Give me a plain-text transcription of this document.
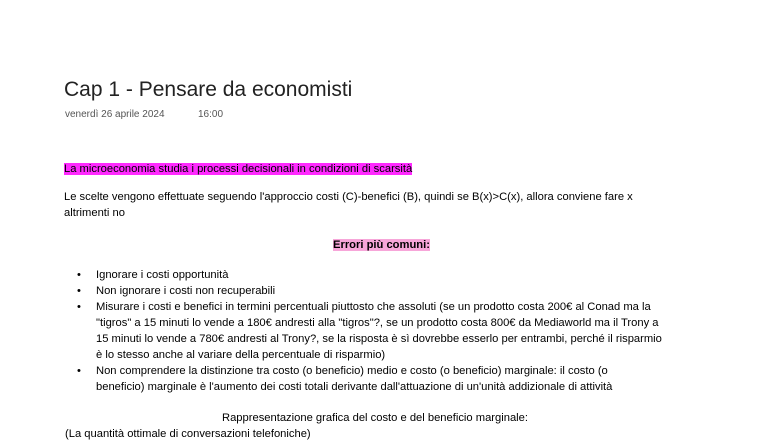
Cap 1 - Pensare da economisti
venerdì 26 aprile 2024	16:00
La microeconomia studia i processi decisionali in condizioni di scarsità
Le scelte vengono effettuate seguendo l'approccio costi (C)-benefici (B), quindi se B(x)>C(x), allora conviene fare x
altrimenti no
Errori più comuni:
• Ignorare i costi opportunità
• Non ignorare i costi non recuperabili
• Misurare i costi e benefici in termini percentuali piuttosto che assoluti (se un prodotto costa 200€ al Conad ma la
"tigros" a 15 minuti lo vende a 180€ andresti alla "tigros"?, se un prodotto costa 800€ da Mediaworld ma il Trony a
15 minuti lo vende a 780€ andresti al Trony?, se la risposta è sì dovrebbe esserlo per entrambi, perché il risparmio
è lo stesso anche al variare della percentuale di risparmio)
• Non comprendere la distinzione tra costo (o beneficio) medio e costo (o beneficio) marginale: il costo (o
beneficio) marginale è l'aumento dei costi totali derivante dall'attuazione di un'unità addizionale di attività
Rappresentazione grafica del costo e del beneficio marginale:
(La quantità ottimale di conversazioni telefoniche)
